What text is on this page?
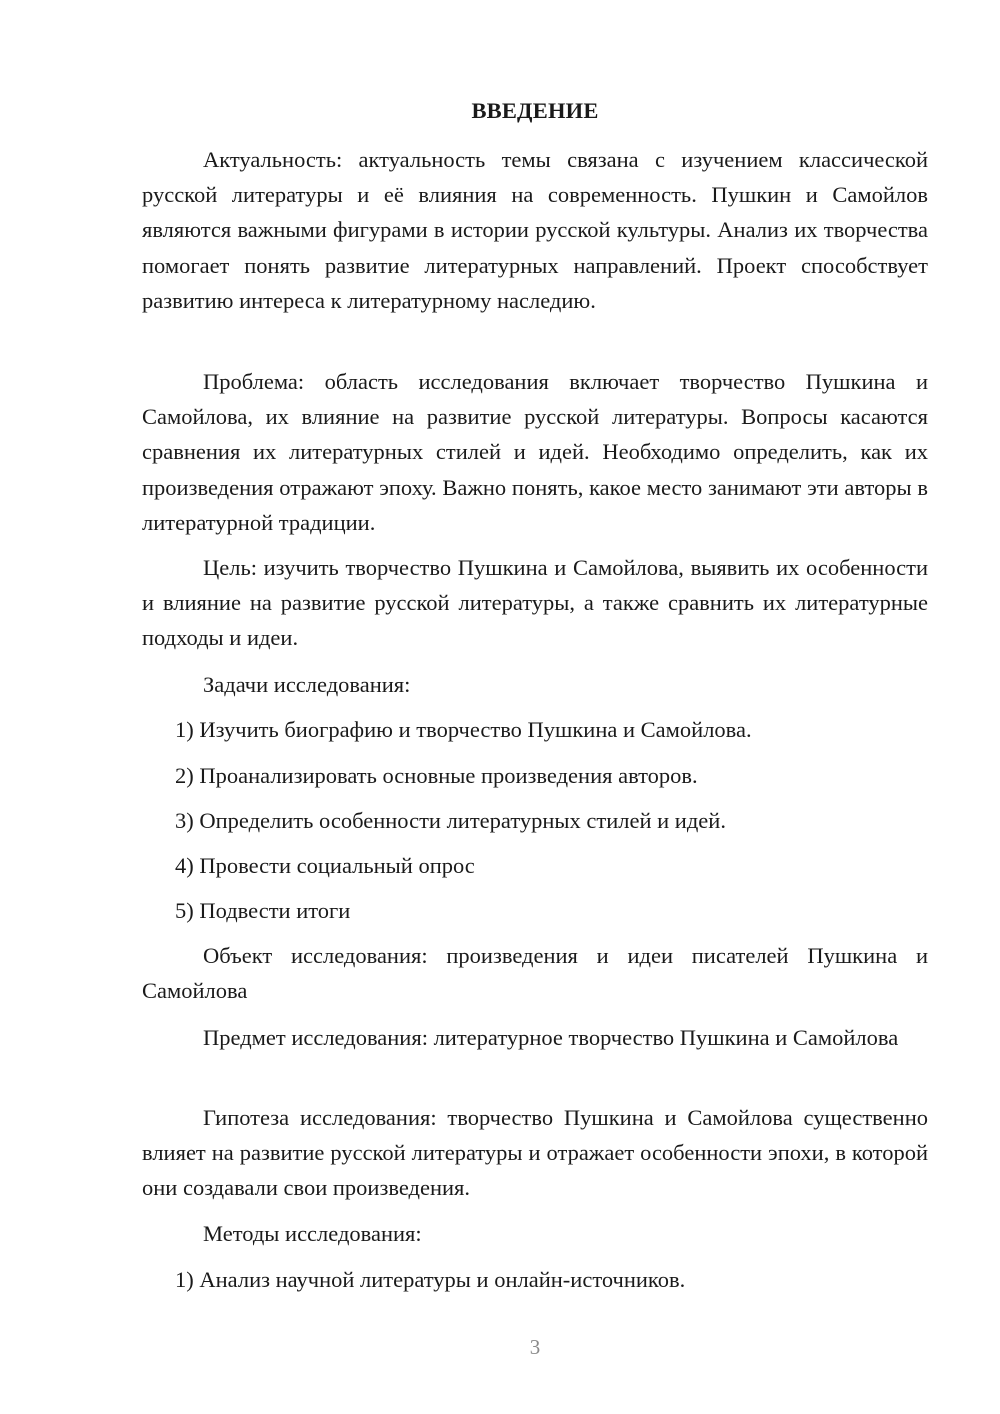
ВВЕДЕНИЕ

Актуальность: актуальность темы связана с изучением классической русской литературы и её влияния на современность. Пушкин и Самойлов являются важными фигурами в истории русской культуры. Анализ их творчества помогает понять развитие литературных направлений. Проект способствует развитию интереса к литературному наследию.

Проблема: область исследования включает творчество Пушкина и Самойлова, их влияние на развитие русской литературы. Вопросы касаются сравнения их литературных стилей и идей. Необходимо определить, как их произведения отражают эпоху. Важно понять, какое место занимают эти авторы в литературной традиции.

Цель: изучить творчество Пушкина и Самойлова, выявить их особенности и влияние на развитие русской литературы, а также сравнить их литературные подходы и идеи.

Задачи исследования:

1) Изучить биографию и творчество Пушкина и Самойлова.

2) Проанализировать основные произведения авторов.

3) Определить особенности литературных стилей и идей.

4) Провести социальный опрос

5) Подвести итоги

Объект исследования: произведения и идеи писателей Пушкина и Самойлова

Предмет исследования: литературное творчество Пушкина и Самойлова

Гипотеза исследования: творчество Пушкина и Самойлова существенно влияет на развитие русской литературы и отражает особенности эпохи, в которой они создавали свои произведения.

Методы исследования:

1) Анализ научной литературы и онлайн-источников.

3
